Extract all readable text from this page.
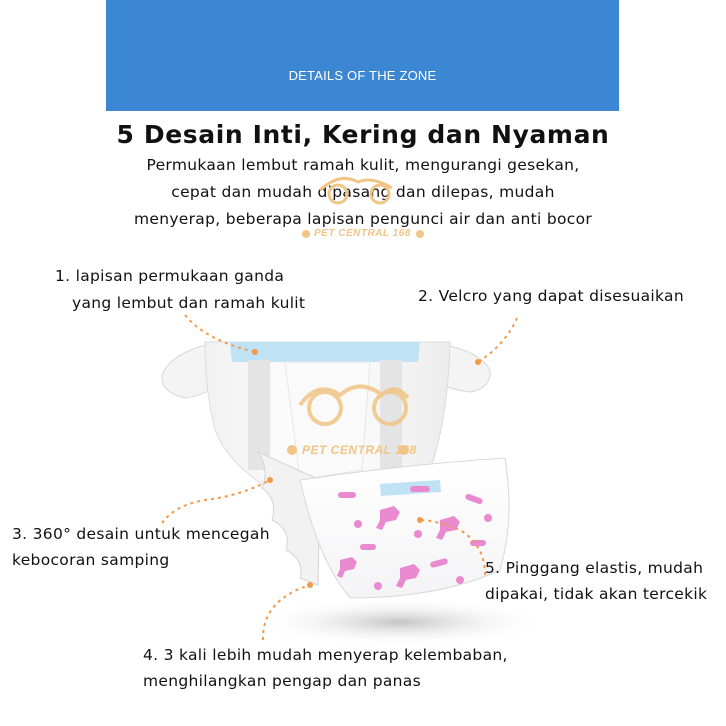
DETAILS OF THE ZONE
5 Desain Inti, Kering dan Nyaman
Permukaan lembut ramah kulit, mengurangi gesekan,
cepat dan mudah dipasang dan dilepas, mudah
menyerap, beberapa lapisan pengunci air dan anti bocor
PET CENTRAL 168
PET CENTRAL 168
1. lapisan permukaan ganda
yang lembut dan ramah kulit	2. Velcro yang dapat disesuaikan
3. 360° desain untuk mencegah
kebocoran samping
4. 3 kali lebih mudah menyerap kelembaban,
menghilangkan pengap dan panas
5. Pinggang elastis, mudah
dipakai, tidak akan tercekik
